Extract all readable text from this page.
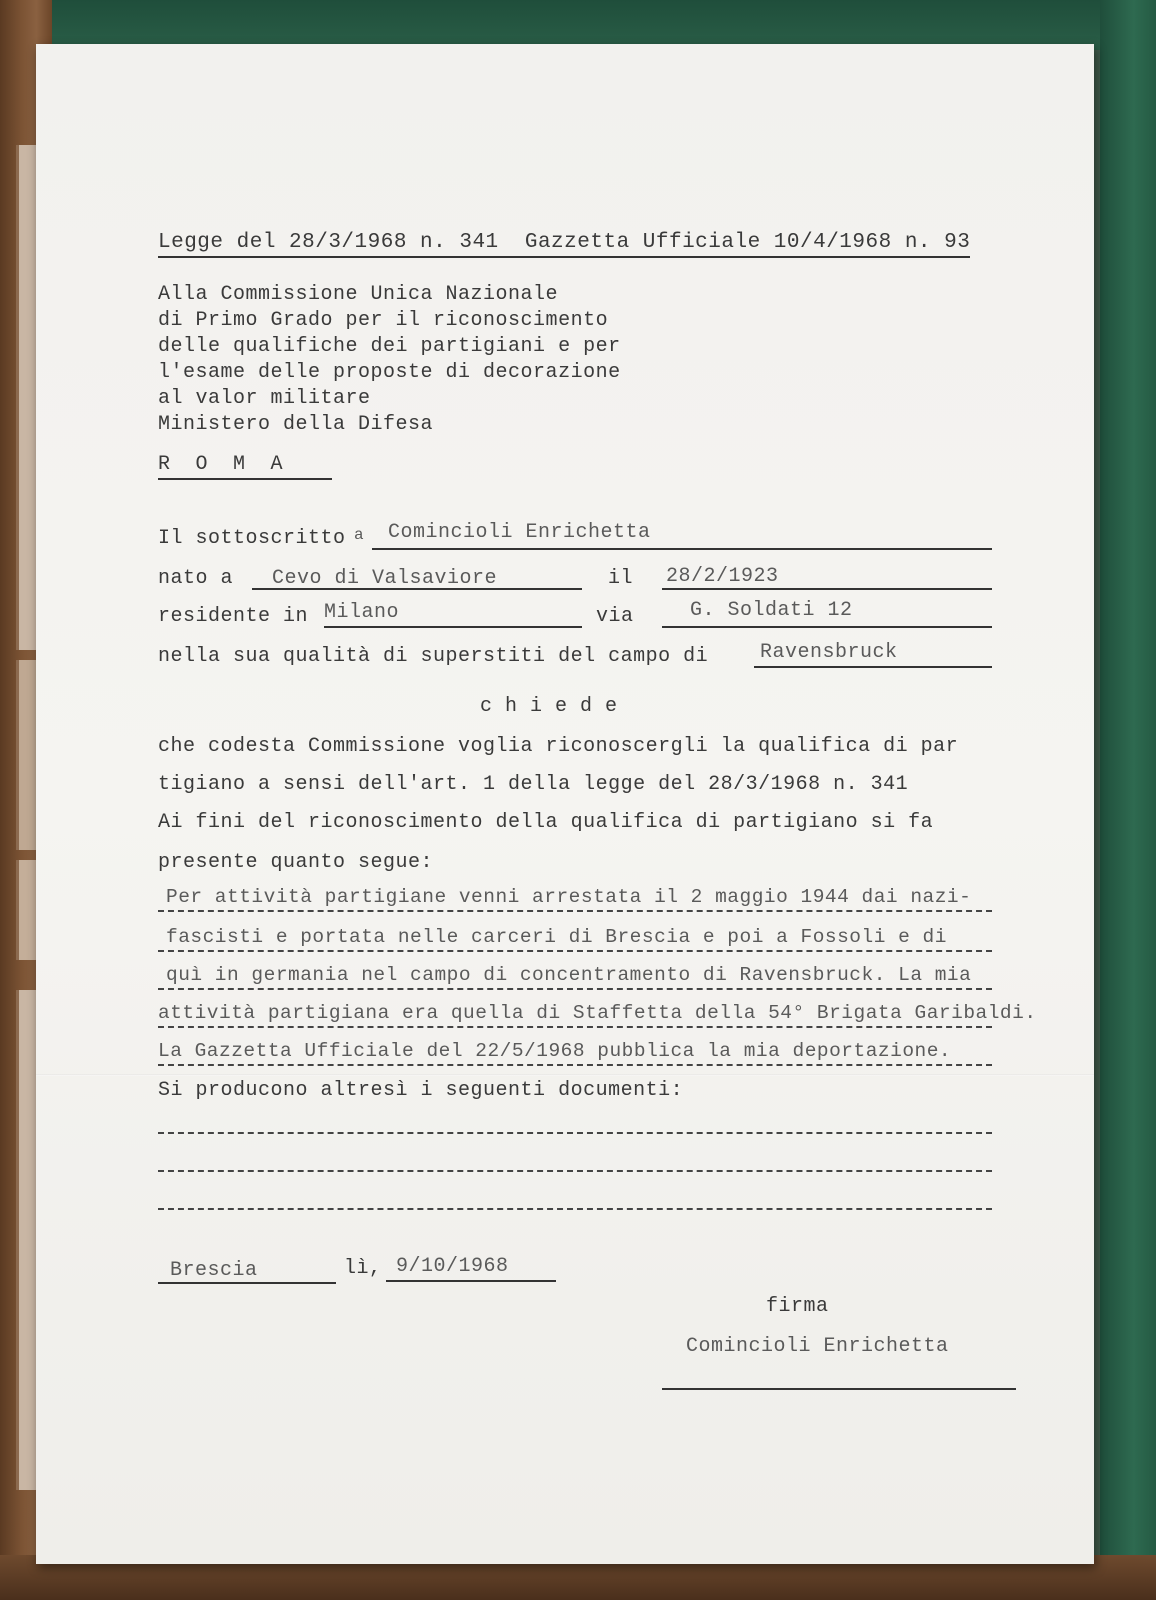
Legge del 28/3/1968 n. 341  Gazzetta Ufficiale 10/4/1968 n. 93
Alla Commissione Unica Nazionale
di Primo Grado per il riconoscimento
delle qualifiche dei partigiani e per
l'esame delle proposte di decorazione
al valor militare
Ministero della Difesa
R  O  M  A
Il sottoscritto a Comincioli Enrichetta
nato a Cevo di Valsaviore	il 28/2/1923
residente in Milano	via	G. Soldati 12
nella sua qualità di superstiti del campo di	Ravensbruck
c h i e d e
che codesta Commissione voglia riconoscergli la qualifica di par
tigiano a sensi dell'art. 1 della legge del 28/3/1968 n. 341
Ai fini del riconoscimento della qualifica di partigiano si fa
presente quanto segue:
Per attività partigiane venni arrestata il 2 maggio 1944 dai nazi-
fascisti e portata nelle carceri di Brescia e poi a Fossoli e di
quì in germania nel campo di concentramento di Ravensbruck. La mia
attività partigiana era quella di Staffetta della 54° Brigata Garibaldi.
La Gazzetta Ufficiale del 22/5/1968 pubblica la mia deportazione.
Si producono altresì i seguenti documenti:
Brescia	lì, 9/10/1968
firma
Comincioli Enrichetta
